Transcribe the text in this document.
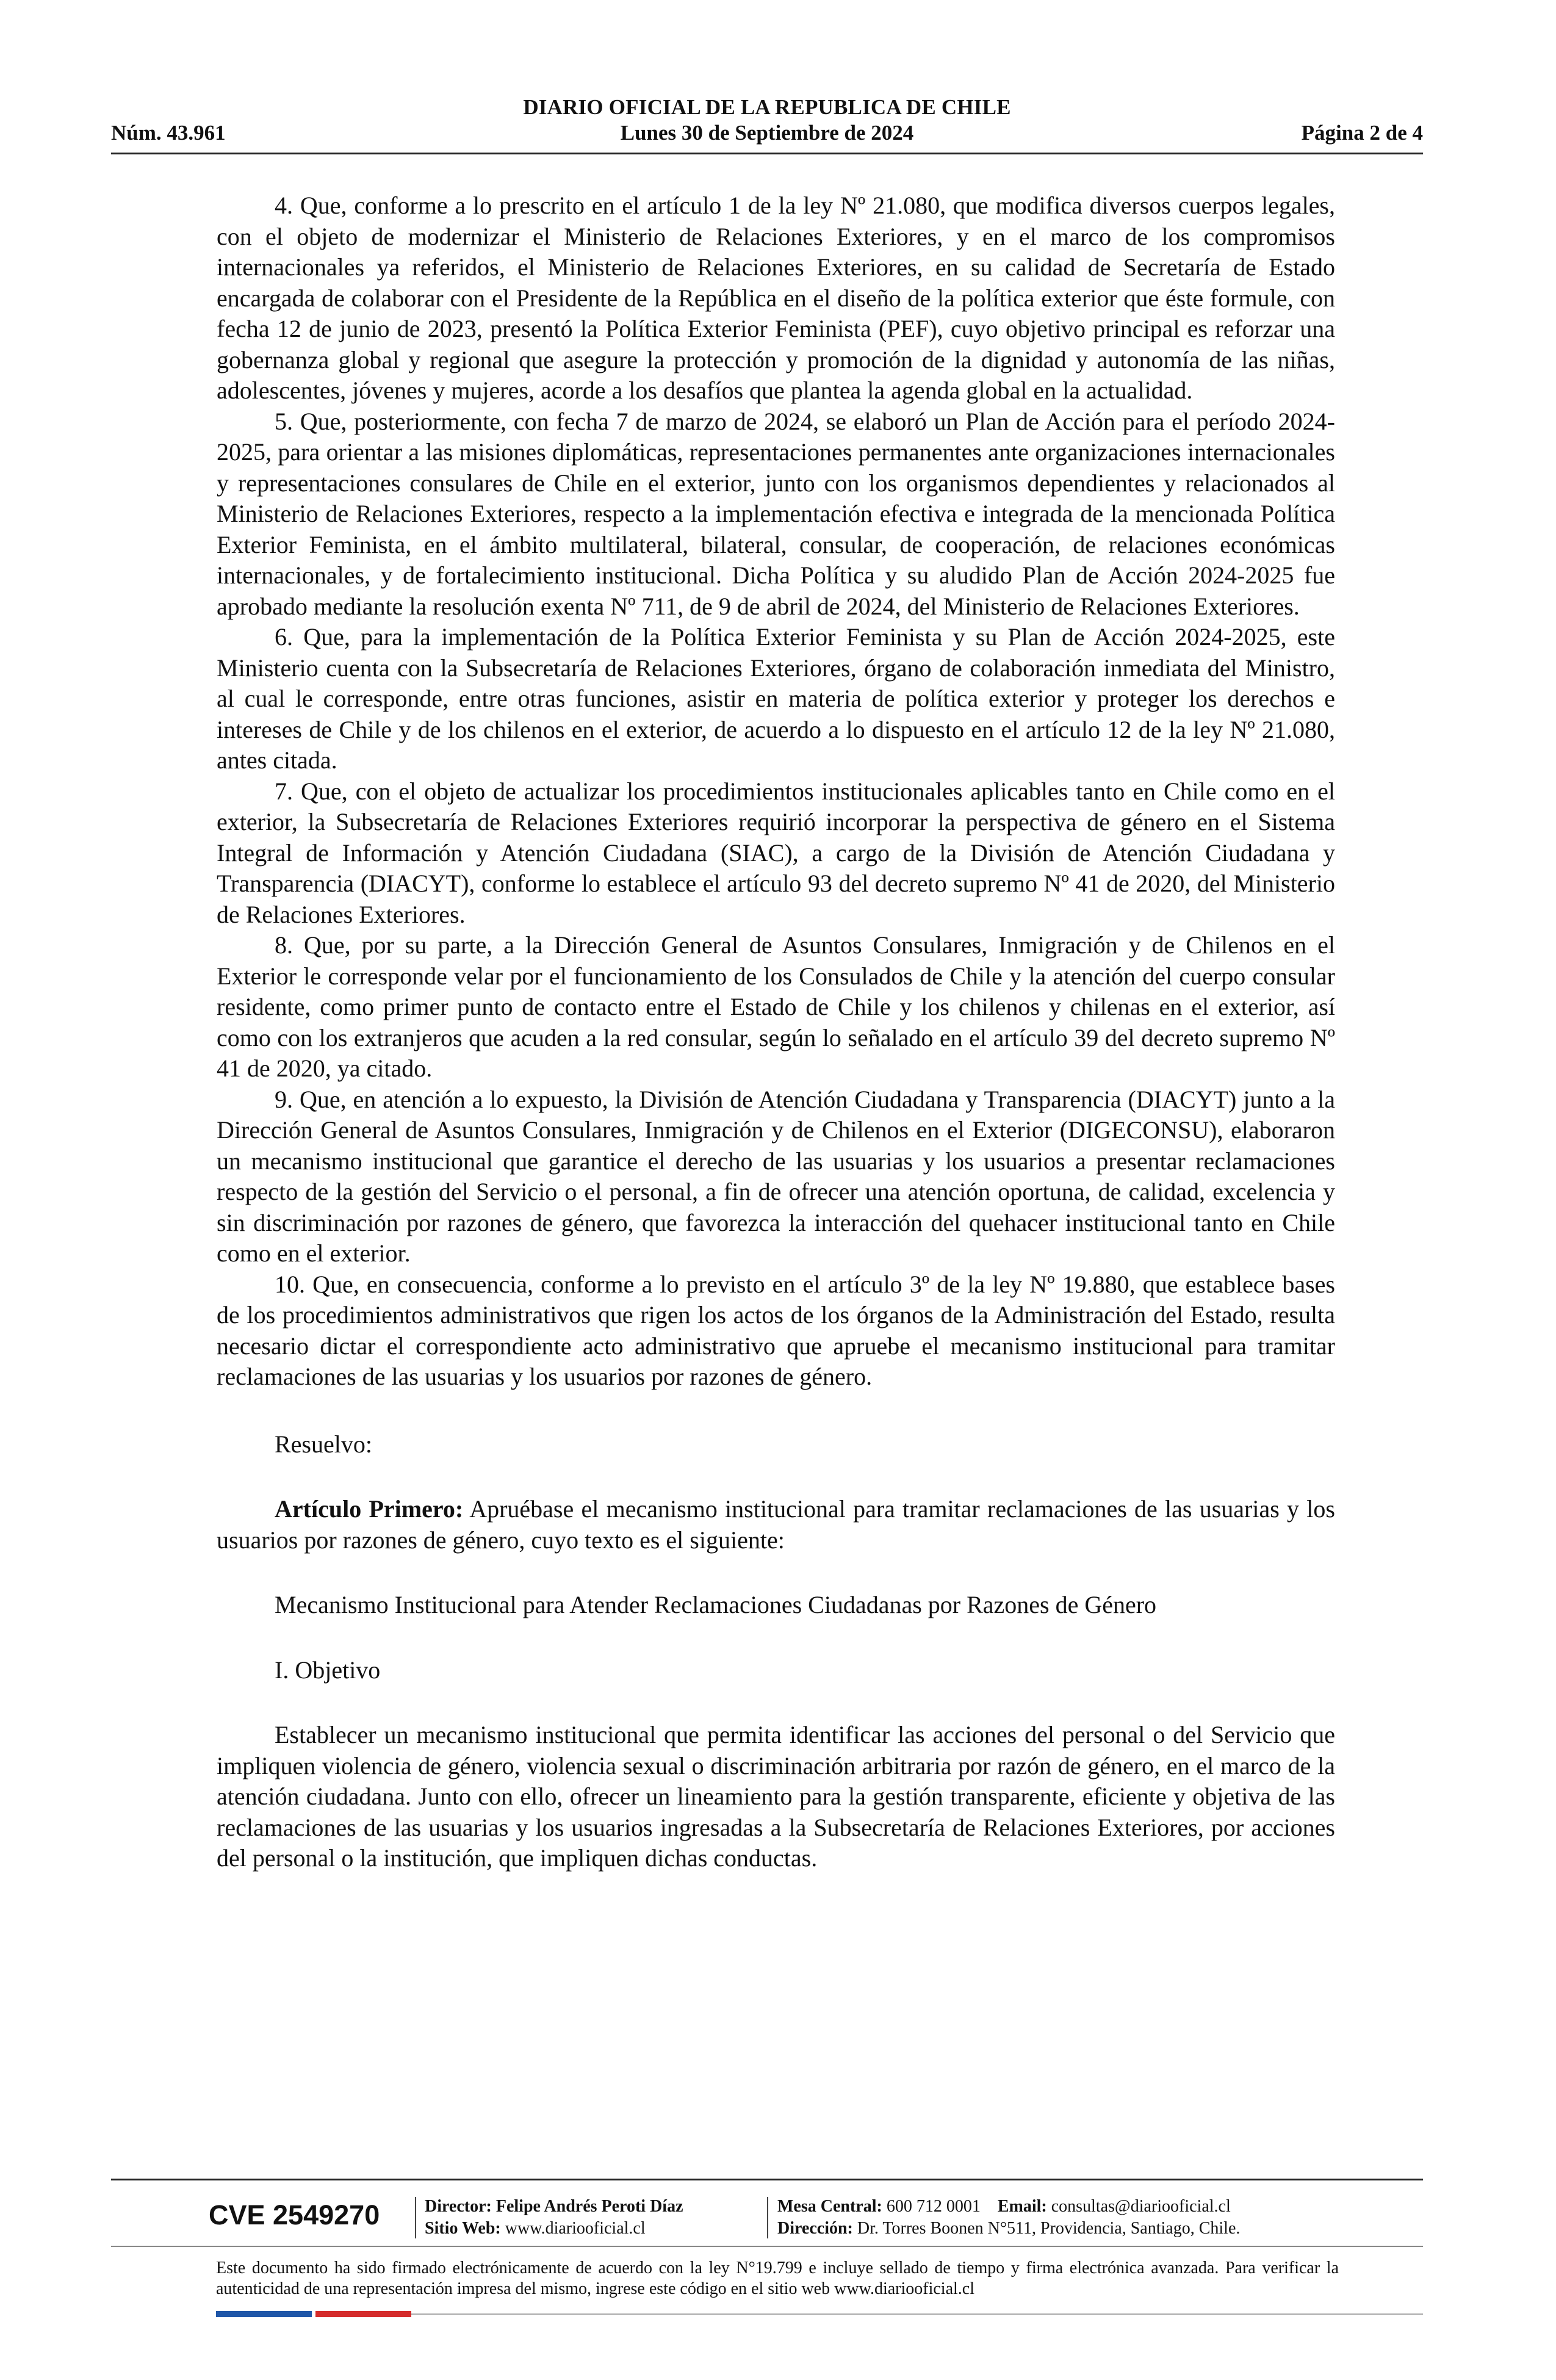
DIARIO OFICIAL DE LA REPUBLICA DE CHILE
Núm. 43.961	Lunes 30 de Septiembre de 2024	Página 2 de 4

4. Que, conforme a lo prescrito en el artículo 1 de la ley Nº 21.080, que modifica diversos cuerpos legales, con el objeto de modernizar el Ministerio de Relaciones Exteriores, y en el marco de los compromisos internacionales ya referidos, el Ministerio de Relaciones Exteriores, en su calidad de Secretaría de Estado encargada de colaborar con el Presidente de la República en el diseño de la política exterior que éste formule, con fecha 12 de junio de 2023, presentó la Política Exterior Feminista (PEF), cuyo objetivo principal es reforzar una gobernanza global y regional que asegure la protección y promoción de la dignidad y autonomía de las niñas, adolescentes, jóvenes y mujeres, acorde a los desafíos que plantea la agenda global en la actualidad.

5. Que, posteriormente, con fecha 7 de marzo de 2024, se elaboró un Plan de Acción para el período 2024-2025, para orientar a las misiones diplomáticas, representaciones permanentes ante organizaciones internacionales y representaciones consulares de Chile en el exterior, junto con los organismos dependientes y relacionados al Ministerio de Relaciones Exteriores, respecto a la implementación efectiva e integrada de la mencionada Política Exterior Feminista, en el ámbito multilateral, bilateral, consular, de cooperación, de relaciones económicas internacionales, y de fortalecimiento institucional. Dicha Política y su aludido Plan de Acción 2024-2025 fue aprobado mediante la resolución exenta Nº 711, de 9 de abril de 2024, del Ministerio de Relaciones Exteriores.

6. Que, para la implementación de la Política Exterior Feminista y su Plan de Acción 2024-2025, este Ministerio cuenta con la Subsecretaría de Relaciones Exteriores, órgano de colaboración inmediata del Ministro, al cual le corresponde, entre otras funciones, asistir en materia de política exterior y proteger los derechos e intereses de Chile y de los chilenos en el exterior, de acuerdo a lo dispuesto en el artículo 12 de la ley Nº 21.080, antes citada.

7. Que, con el objeto de actualizar los procedimientos institucionales aplicables tanto en Chile como en el exterior, la Subsecretaría de Relaciones Exteriores requirió incorporar la perspectiva de género en el Sistema Integral de Información y Atención Ciudadana (SIAC), a cargo de la División de Atención Ciudadana y Transparencia (DIACYT), conforme lo establece el artículo 93 del decreto supremo Nº 41 de 2020, del Ministerio de Relaciones Exteriores.

8. Que, por su parte, a la Dirección General de Asuntos Consulares, Inmigración y de Chilenos en el Exterior le corresponde velar por el funcionamiento de los Consulados de Chile y la atención del cuerpo consular residente, como primer punto de contacto entre el Estado de Chile y los chilenos y chilenas en el exterior, así como con los extranjeros que acuden a la red consular, según lo señalado en el artículo 39 del decreto supremo Nº 41 de 2020, ya citado.

9. Que, en atención a lo expuesto, la División de Atención Ciudadana y Transparencia (DIACYT) junto a la Dirección General de Asuntos Consulares, Inmigración y de Chilenos en el Exterior (DIGECONSU), elaboraron un mecanismo institucional que garantice el derecho de las usuarias y los usuarios a presentar reclamaciones respecto de la gestión del Servicio o el personal, a fin de ofrecer una atención oportuna, de calidad, excelencia y sin discriminación por razones de género, que favorezca la interacción del quehacer institucional tanto en Chile como en el exterior.

10. Que, en consecuencia, conforme a lo previsto en el artículo 3º de la ley Nº 19.880, que establece bases de los procedimientos administrativos que rigen los actos de los órganos de la Administración del Estado, resulta necesario dictar el correspondiente acto administrativo que apruebe el mecanismo institucional para tramitar reclamaciones de las usuarias y los usuarios por razones de género.

Resuelvo:

Artículo Primero: Apruébase el mecanismo institucional para tramitar reclamaciones de las usuarias y los usuarios por razones de género, cuyo texto es el siguiente:

Mecanismo Institucional para Atender Reclamaciones Ciudadanas por Razones de Género

I. Objetivo

Establecer un mecanismo institucional que permita identificar las acciones del personal o del Servicio que impliquen violencia de género, violencia sexual o discriminación arbitraria por razón de género, en el marco de la atención ciudadana. Junto con ello, ofrecer un lineamiento para la gestión transparente, eficiente y objetiva de las reclamaciones de las usuarias y los usuarios ingresadas a la Subsecretaría de Relaciones Exteriores, por acciones del personal o la institución, que impliquen dichas conductas.

CVE 2549270	Director: Felipe Andrés Peroti Díaz
Sitio Web: www.diariooficial.cl
Mesa Central: 600 712 0001 Email: consultas@diariooficial.cl
Dirección: Dr. Torres Boonen N°511, Providencia, Santiago, Chile.
Este documento ha sido firmado electrónicamente de acuerdo con la ley N°19.799 e incluye sellado de tiempo y firma electrónica avanzada. Para verificar la autenticidad de una representación impresa del mismo, ingrese este código en el sitio web www.diariooficial.cl
